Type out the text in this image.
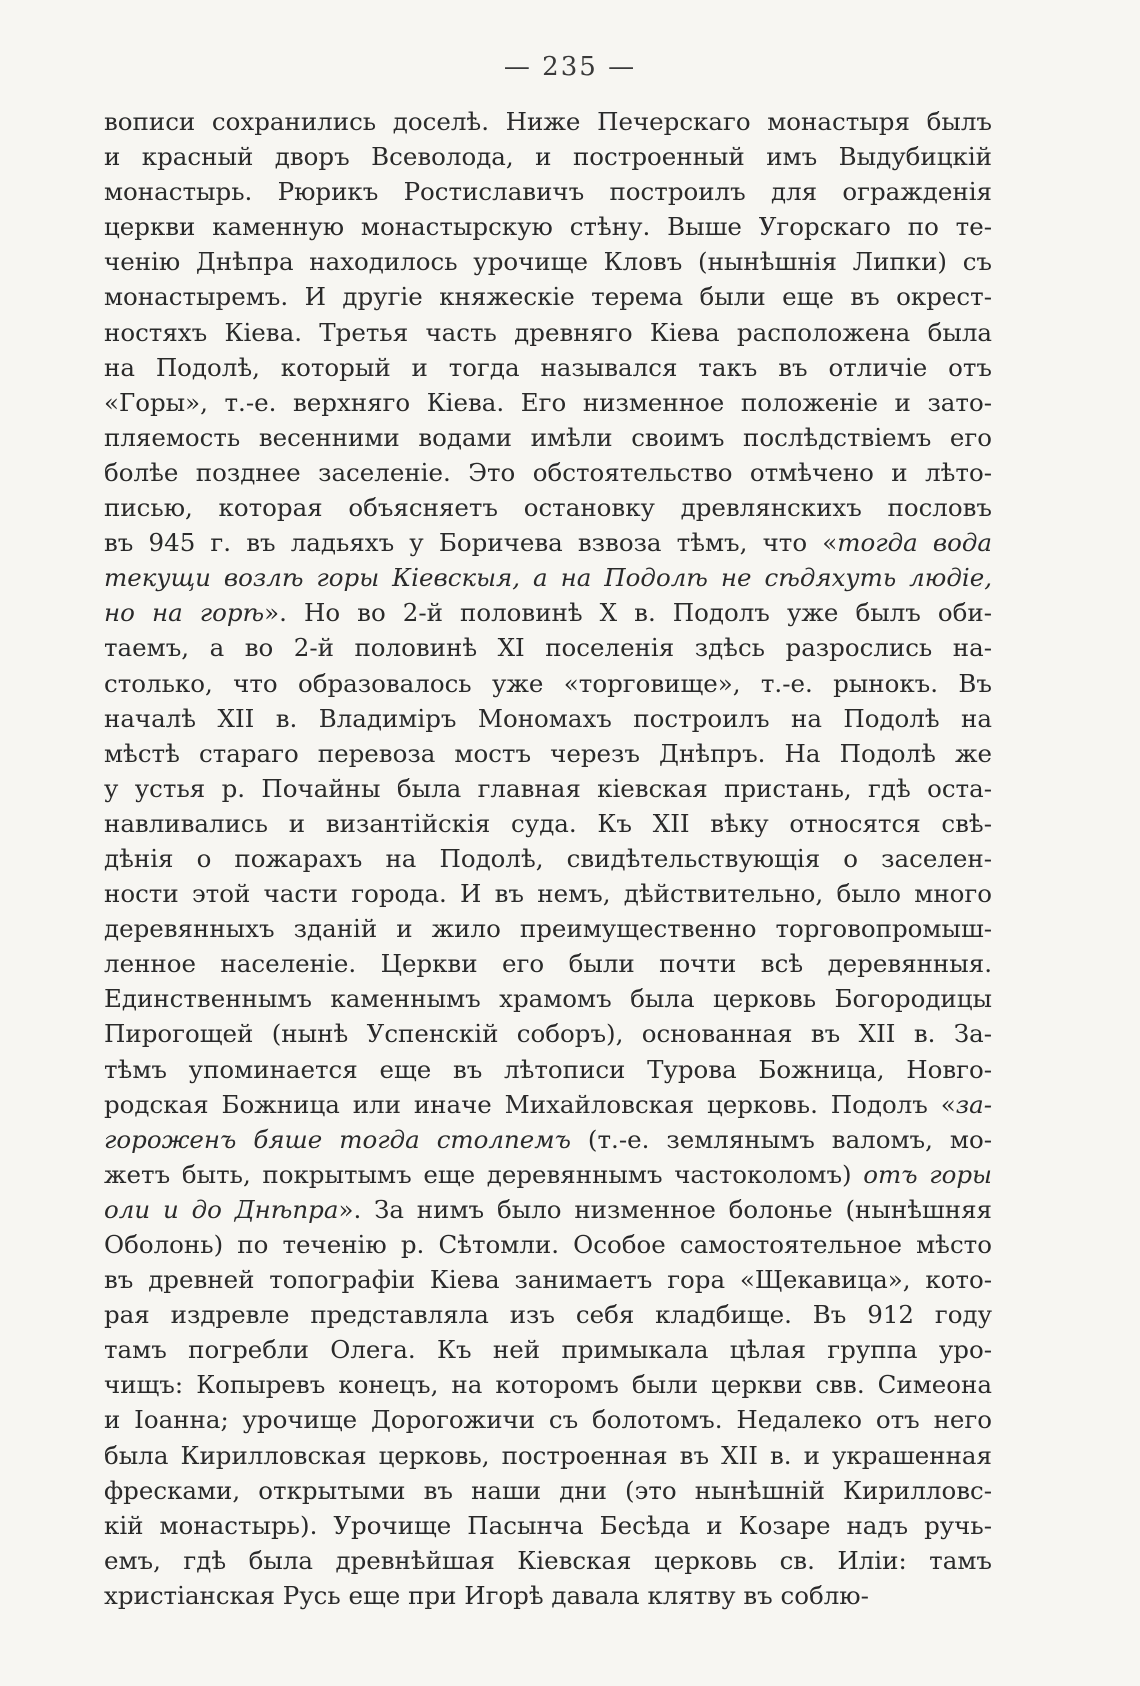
— 235 —
вописи сохранились доселѣ. Ниже Печерскаго монастыря былъ
и красный дворъ Всеволода, и построенный имъ Выдубицкій
монастырь. Рюрикъ Ростиславичъ построилъ для огражденія
церкви каменную монастырскую стѣну. Выше Угорскаго по те-
ченію Днѣпра находилось урочище Кловъ (нынѣшнія Липки) съ
монастыремъ. И другіе княжескіе терема были еще въ окрест-
ностяхъ Кіева. Третья часть древняго Кіева расположена была
на Подолѣ, который и тогда назывался такъ въ отличіе отъ
«Горы», т.-е. верхняго Кіева. Его низменное положеніе и зато-
пляемость весенними водами имѣли своимъ послѣдствіемъ его
болѣе позднее заселеніе. Это обстоятельство отмѣчено и лѣто-
писью, которая объясняетъ остановку древлянскихъ пословъ
въ 945 г. въ ладьяхъ у Боричева взвоза тѣмъ, что «тогда вода
текущи возлѣ горы Кіевскыя, а на Подолѣ не сѣдяхуть людіе,
но на горѣ». Но во 2-й половинѣ X в. Подолъ уже былъ оби-
таемъ, а во 2-й половинѣ XI поселенія здѣсь разрослись на-
столько, что образовалось уже «торговище», т.-е. рынокъ. Въ
началѣ XII в. Владиміръ Мономахъ построилъ на Подолѣ на
мѣстѣ стараго перевоза мостъ черезъ Днѣпръ. На Подолѣ же
у устья р. Почайны была главная кіевская пристань, гдѣ оста-
навливались и византійскія суда. Къ XII вѣку относятся свѣ-
дѣнія о пожарахъ на Подолѣ, свидѣтельствующія о заселен-
ности этой части города. И въ немъ, дѣйствительно, было много
деревянныхъ зданій и жило преимущественно торговопромыш-
ленное населеніе. Церкви его были почти всѣ деревянныя.
Единственнымъ каменнымъ храмомъ была церковь Богородицы
Пирогощей (нынѣ Успенскій соборъ), основанная въ XII в. За-
тѣмъ упоминается еще въ лѣтописи Турова Божница, Новго-
родская Божница или иначе Михайловская церковь. Подолъ «за-
гороженъ бяше тогда столпемъ (т.-е. землянымъ валомъ, мо-
жетъ быть, покрытымъ еще деревяннымъ частоколомъ) отъ горы
оли и до Днѣпра». За нимъ было низменное болонье (нынѣшняя
Оболонь) по теченію р. Сѣтомли. Особое самостоятельное мѣсто
въ древней топографіи Кіева занимаетъ гора «Щекавица», кото-
рая издревле представляла изъ себя кладбище. Въ 912 году
тамъ погребли Олега. Къ ней примыкала цѣлая группа уро-
чищъ: Копыревъ конецъ, на которомъ были церкви свв. Симеона
и Іоанна; урочище Дорогожичи съ болотомъ. Недалеко отъ него
была Кирилловская церковь, построенная въ XII в. и украшенная
фресками, открытыми въ наши дни (это нынѣшній Кирилловс-
кій монастырь). Урочище Пасынча Бесѣда и Козаре надъ ручь-
емъ, гдѣ была древнѣйшая Кіевская церковь св. Иліи: тамъ
христіанская Русь еще при Игорѣ давала клятву въ соблю-
